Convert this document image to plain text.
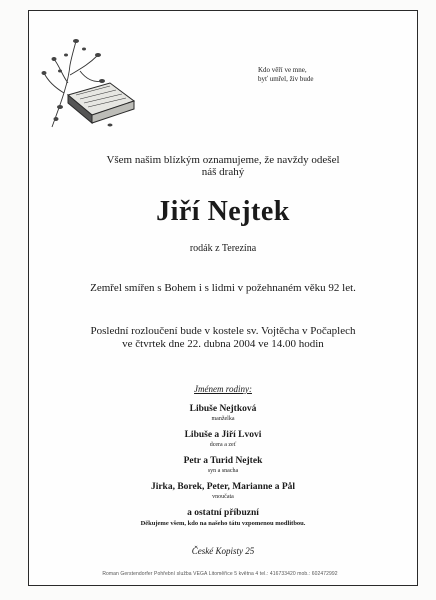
Kdo věří ve mne,
byť umřel, živ bude
Všem našim blízkým oznamujeme, že navždy odešel
náš drahý
Jiří Nejtek
rodák z Terezína
Zemřel smířen s Bohem i s lidmi v požehnaném věku 92 let.
Poslední rozloučení bude v kostele sv. Vojtěcha v Počaplech
ve čtvrtek dne 22. dubna 2004 ve 14.00 hodin
Jménem rodiny:
Libuše Nejtková
manželka
Libuše a Jiří Lvovi
dcera a zeť
Petr a Turid Nejtek
syn a snacha
Jirka, Borek, Peter, Marianne a Pål
vnoučata
a ostatní příbuzní
Děkujeme všem, kdo na našeho tátu vzpomenou modlitbou.
České Kopisty 25
Roman Gerstendorfer Pohřební služba VEGA Litoměřice 5 května 4 tel.: 416733420 mob.: 602472992
